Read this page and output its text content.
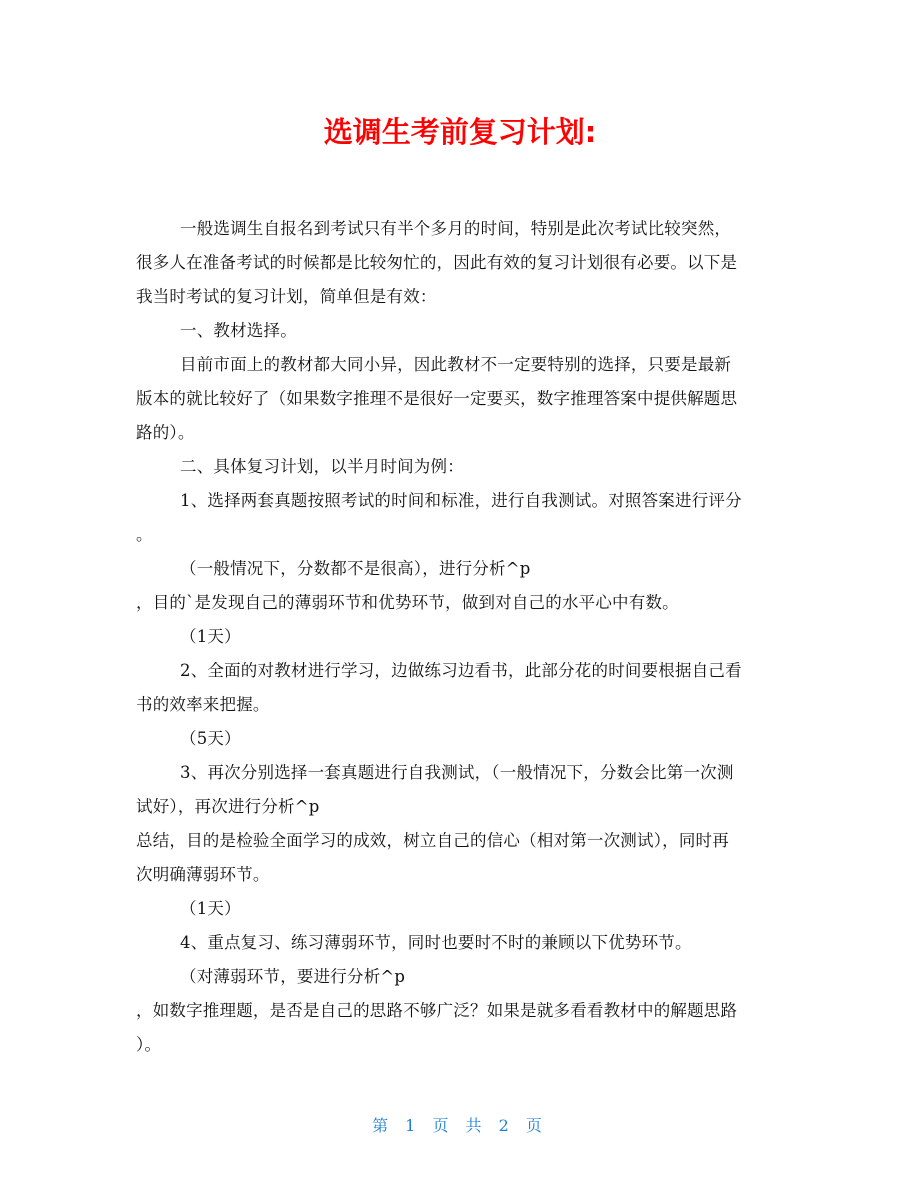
选调生考前复习计划:
一般选调生自报名到考试只有半个多月的时间，特别是此次考试比较突然，
很多人在准备考试的时候都是比较匆忙的，因此有效的复习计划很有必要。以下是
我当时考试的复习计划，简单但是有效：
一、教材选择。
目前市面上的教材都大同小异，因此教材不一定要特别的选择，只要是最新
版本的就比较好了（如果数字推理不是很好一定要买，数字推理答案中提供解题思
路的）。
二、具体复习计划，以半月时间为例：
1、选择两套真题按照考试的时间和标准，进行自我测试。对照答案进行评分
。
（一般情况下，分数都不是很高），进行分析^p
，目的`是发现自己的薄弱环节和优势环节，做到对自己的水平心中有数。
（1天）
2、全面的对教材进行学习，边做练习边看书，此部分花的时间要根据自己看
书的效率来把握。
（5天）
3、再次分别选择一套真题进行自我测试，（一般情况下，分数会比第一次测
试好），再次进行分析^p
总结，目的是检验全面学习的成效，树立自己的信心（相对第一次测试），同时再
次明确薄弱环节。
（1天）
4、重点复习、练习薄弱环节，同时也要时不时的兼顾以下优势环节。
（对薄弱环节，要进行分析^p
，如数字推理题，是否是自己的思路不够广泛？如果是就多看看教材中的解题思路
）。
第 1 页 共 2 页
